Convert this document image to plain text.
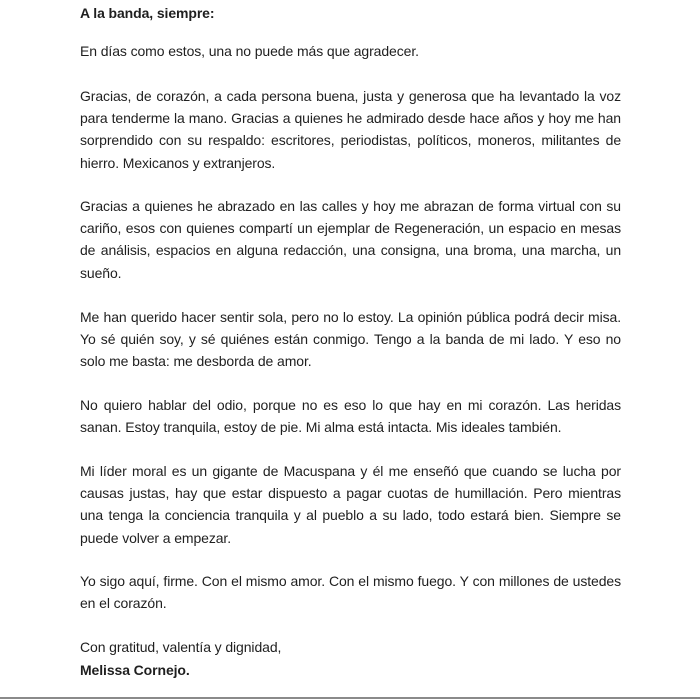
A la banda, siempre:

En días como estos, una no puede más que agradecer.

Gracias, de corazón, a cada persona buena, justa y generosa que ha levantado la voz para tenderme la mano. Gracias a quienes he admirado desde hace años y hoy me han sorprendido con su respaldo: escritores, periodistas, políticos, moneros, militantes de hierro. Mexicanos y extranjeros.

Gracias a quienes he abrazado en las calles y hoy me abrazan de forma virtual con su cariño, esos con quienes compartí un ejemplar de Regeneración, un espacio en mesas de análisis, espacios en alguna redacción, una consigna, una broma, una marcha, un sueño.

Me han querido hacer sentir sola, pero no lo estoy. La opinión pública podrá decir misa. Yo sé quién soy, y sé quiénes están conmigo. Tengo a la banda de mi lado. Y eso no solo me basta: me desborda de amor.

No quiero hablar del odio, porque no es eso lo que hay en mi corazón. Las heridas sanan. Estoy tranquila, estoy de pie. Mi alma está intacta. Mis ideales también.

Mi líder moral es un gigante de Macuspana y él me enseñó que cuando se lucha por causas justas, hay que estar dispuesto a pagar cuotas de humillación. Pero mientras una tenga la conciencia tranquila y al pueblo a su lado, todo estará bien. Siempre se puede volver a empezar.

Yo sigo aquí, firme. Con el mismo amor. Con el mismo fuego. Y con millones de ustedes en el corazón.

Con gratitud, valentía y dignidad,

Melissa Cornejo.
